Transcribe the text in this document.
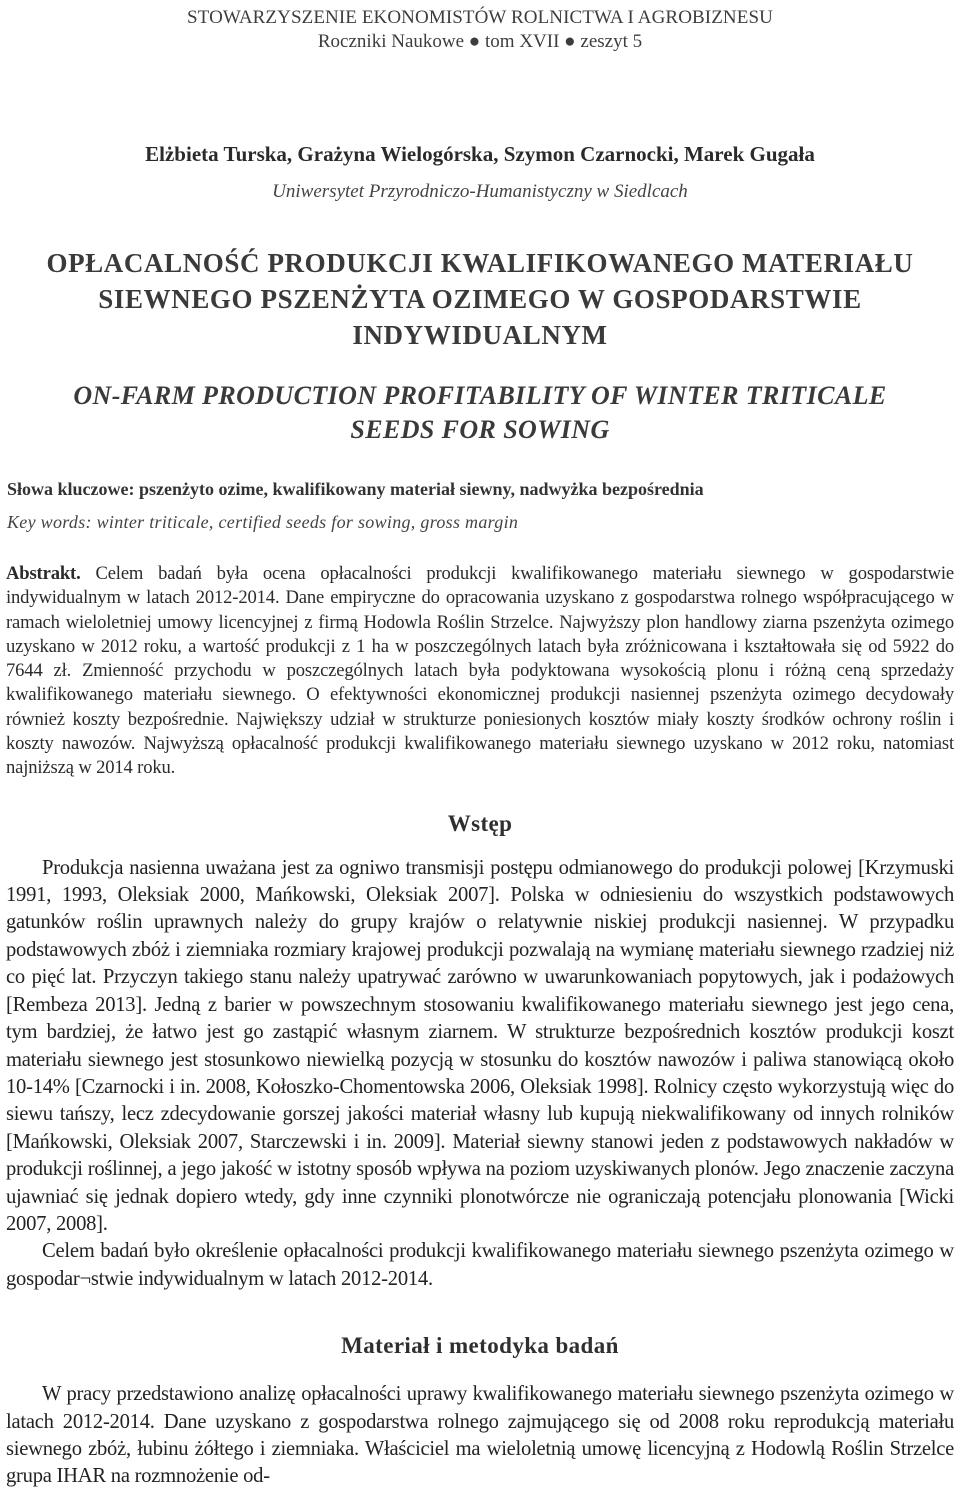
STOWARZYSZENIE EKONOMISTÓW ROLNICTWA I AGROBIZNESU
Roczniki Naukowe ● tom XVII ● zeszyt 5
Elżbieta Turska, Grażyna Wielogórska, Szymon Czarnocki, Marek Gugała
Uniwersytet Przyrodniczo-Humanistyczny w Siedlcach
OPŁACALNOŚĆ PRODUKCJI KWALIFIKOWANEGO MATERIAŁU SIEWNEGO PSZENŻYTA OZIMEGO W GOSPODARSTWIE INDYWIDUALNYM
ON-FARM PRODUCTION PROFITABILITY OF WINTER TRITICALE SEEDS FOR SOWING
Słowa kluczowe: pszenżyto ozime, kwalifikowany materiał siewny, nadwyżka bezpośrednia
Key words: winter triticale, certified seeds for sowing, gross margin
Abstrakt. Celem badań była ocena opłacalności produkcji kwalifikowanego materiału siewnego w gospodarstwie indywidualnym w latach 2012-2014. Dane empiryczne do opracowania uzyskano z gospodarstwa rolnego współpracującego w ramach wieloletniej umowy licencyjnej z firmą Hodowla Roślin Strzelce. Najwyższy plon handlowy ziarna pszenżyta ozimego uzyskano w 2012 roku, a wartość produkcji z 1 ha w poszczególnych latach była zróżnicowana i kształtowała się od 5922 do 7644 zł. Zmienność przychodu w poszczególnych latach była podyktowana wysokością plonu i różną ceną sprzedaży kwalifikowanego materiału siewnego. O efektywności ekonomicznej produkcji nasiennej pszenżyta ozimego decydowały również koszty bezpośrednie. Największy udział w strukturze poniesionych kosztów miały koszty środków ochrony roślin i koszty nawozów. Najwyższą opłacalność produkcji kwalifikowanego materiału siewnego uzyskano w 2012 roku, natomiast najniższą w 2014 roku.
Wstęp

Produkcja nasienna uważana jest za ogniwo transmisji postępu odmianowego do produkcji polowej [Krzymuski 1991, 1993, Oleksiak 2000, Mańkowski, Oleksiak 2007]. Polska w odniesieniu do wszystkich podstawowych gatunków roślin uprawnych należy do grupy krajów o relatywnie niskiej produkcji nasiennej. W przypadku podstawowych zbóż i ziemniaka rozmiary krajowej produkcji pozwalają na wymianę materiału siewnego rzadziej niż co pięć lat. Przyczyn takiego stanu należy upatrywać zarówno w uwarunkowaniach popytowych, jak i podażowych [Rembeza 2013]. Jedną z barier w powszechnym stosowaniu kwalifikowanego materiału siewnego jest jego cena, tym bardziej, że łatwo jest go zastąpić własnym ziarnem. W strukturze bezpośrednich kosztów produkcji koszt materiału siewnego jest stosunkowo niewielką pozycją w stosunku do kosztów nawozów i paliwa stanowiącą około 10-14% [Czarnocki i in. 2008, Kołoszko-Chomentowska 2006, Oleksiak 1998]. Rolnicy często wykorzystują więc do siewu tańszy, lecz zdecydowanie gorszej jakości materiał własny lub kupują niekwalifikowany od innych rolników [Mańkowski, Oleksiak 2007, Starczewski i in. 2009]. Materiał siewny stanowi jeden z podstawowych nakładów w produkcji roślinnej, a jego jakość w istotny sposób wpływa na poziom uzyskiwanych plonów. Jego znaczenie zaczyna ujawniać się jednak dopiero wtedy, gdy inne czynniki plonotwórcze nie ograniczają potencjału plonowania [Wicki 2007, 2008].

Celem badań było określenie opłacalności produkcji kwalifikowanego materiału siewnego pszenżyta ozimego w gospodar¬stwie indywidualnym w latach 2012-2014.

Materiał i metodyka badań

W pracy przedstawiono analizę opłacalności uprawy kwalifikowanego materiału siewnego pszenżyta ozimego w latach 2012-2014. Dane uzyskano z gospodarstwa rolnego zajmującego się od 2008 roku reprodukcją materiału siewnego zbóż, łubinu żółtego i ziemniaka. Właściciel ma wieloletnią umowę licencyjną z Hodowlą Roślin Strzelce grupa IHAR na rozmnożenie od-
